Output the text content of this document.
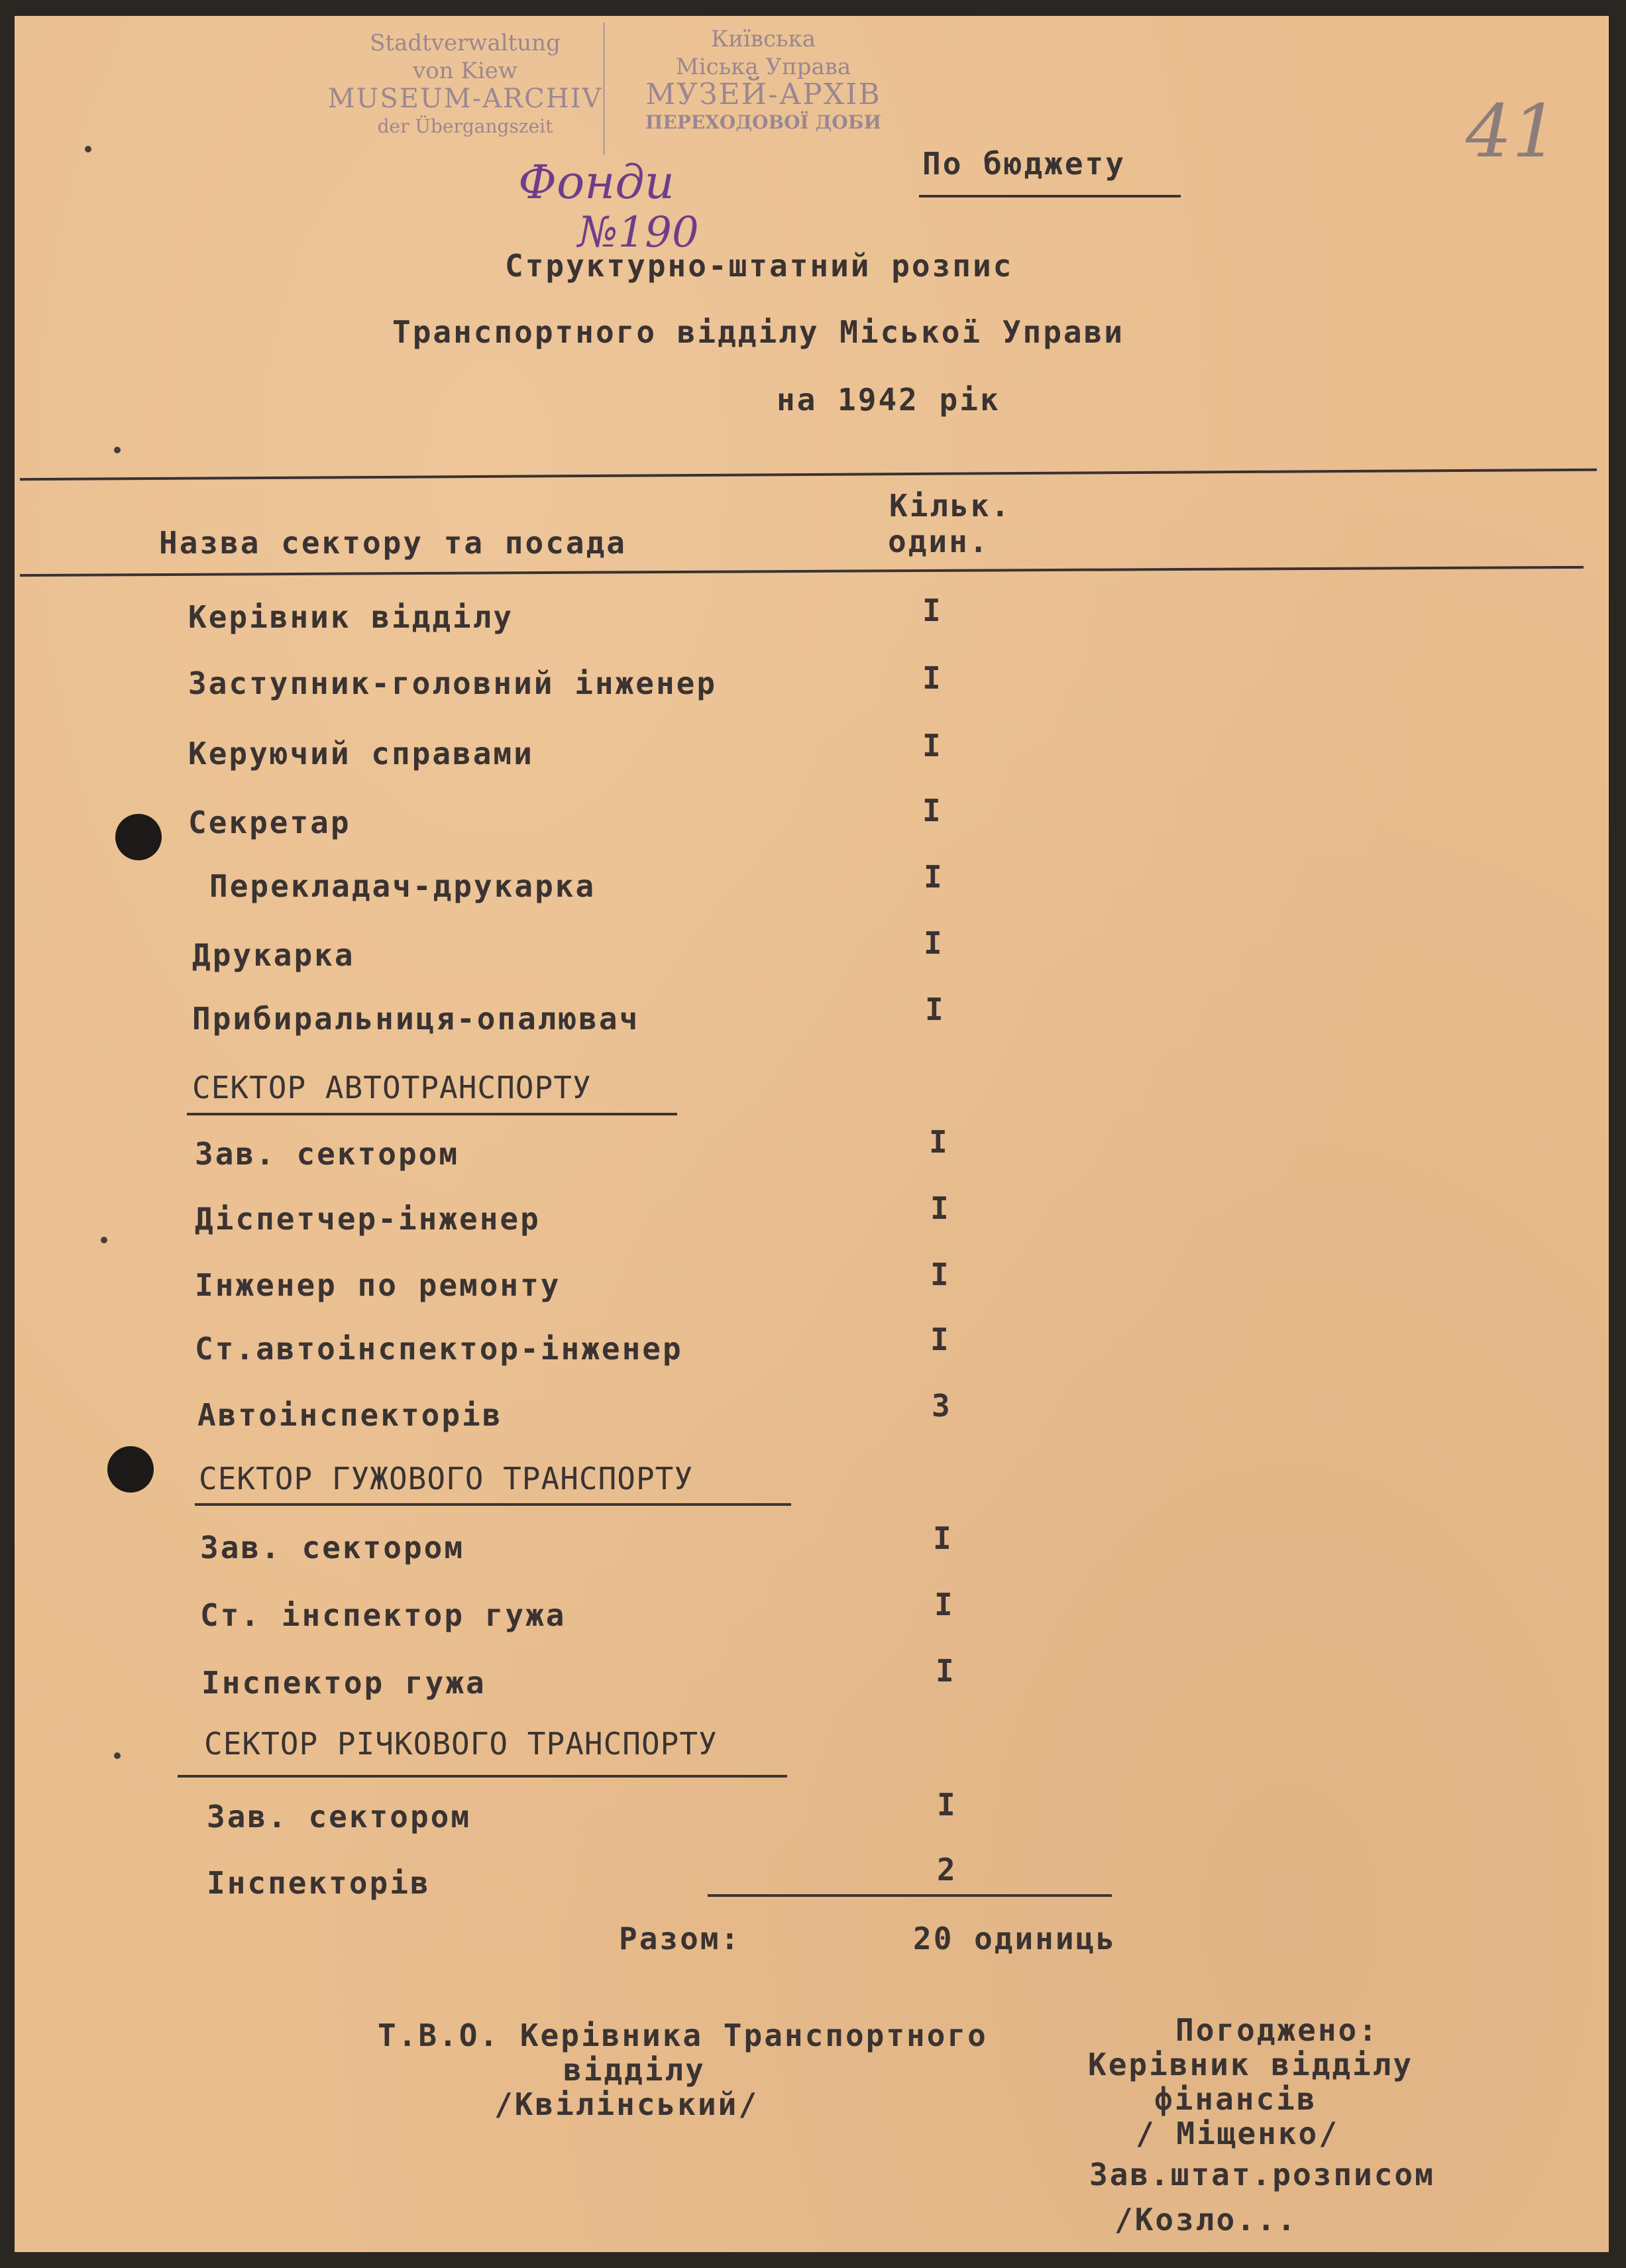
Stadtverwaltung
von Kiew
MUSEUM-ARCHIV
der Übergangszeit
Київська
Міська Управа
МУЗЕЙ-АРХІВ
ПЕРЕХОДОВОЇ ДОБИ
Фонди
№190
41
По бюджету
Структурно-штатний розпис
Транспортного відділу Міської Управи
на 1942 рік
Назва сектору та посада
Кільк.
один.
Керівник відділу	I
Заступник-головний інженер	I
Керуючий справами	I
Секретар	I
Перекладач-друкарка	I
Друкарка	I
Прибиральниця-опалювач	I
СЕКТОР АВТОТРАНСПОРТУ
Зав. сектором	I
Діспетчер-інженер	I
Інженер по ремонту	I
Ст.автоінспектор-інженер	I
Автоінспекторів	3
СЕКТОР ГУЖОВОГО ТРАНСПОРТУ
Зав. сектором	I
Ст. інспектор гужа	I
Інспектор гужа	I
СЕКТОР РІЧКОВОГО ТРАНСПОРТУ
Зав. сектором	I
Інспекторів	2
Разом:	20 одиниць
Т.В.О. Керівника Транспортного
відділу
/Квілінський/
Погоджено:
Керівник відділу
фінансів
/ Міщенко/
Зав.штат.розписом
/Козло...
